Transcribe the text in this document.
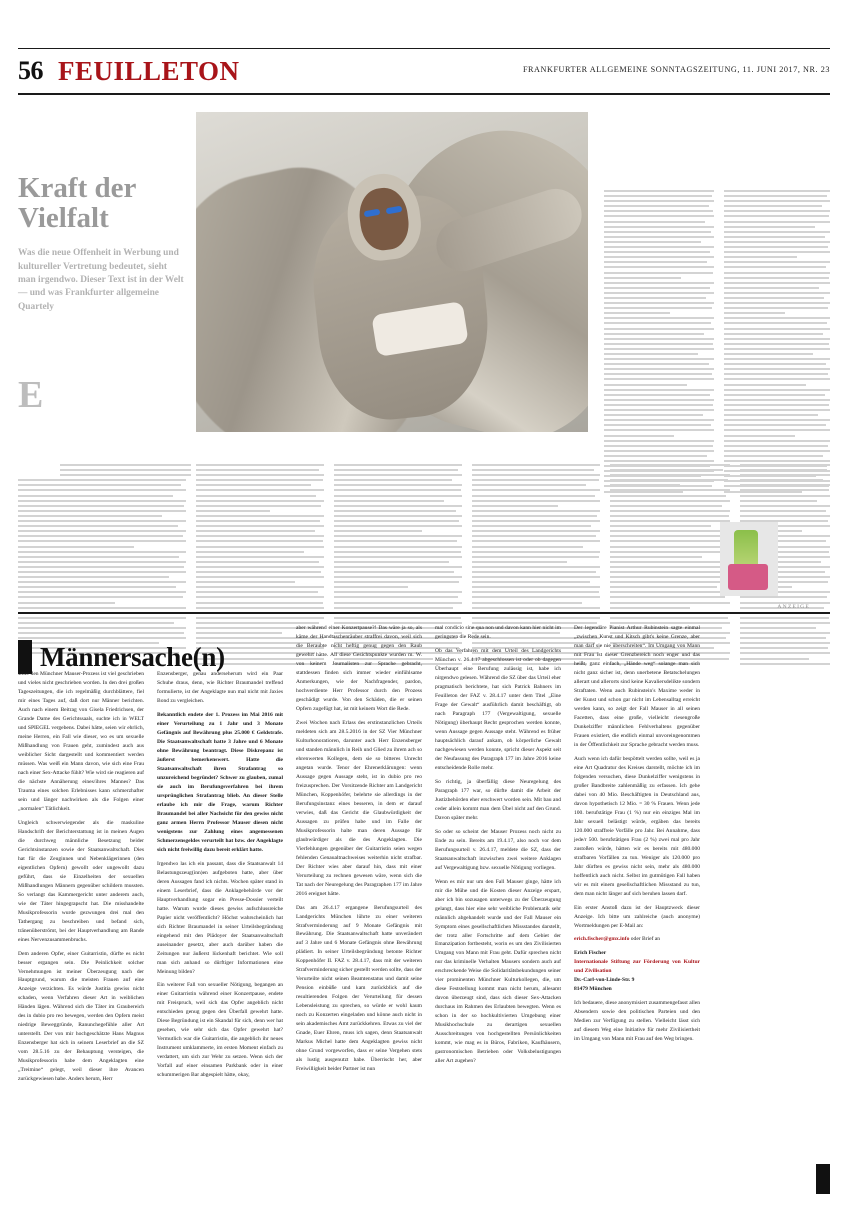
56 FEUILLETON	FRANKFURTER ALLGEMEINE SONNTAGSZEITUNG, 11. JUNI 2017, NR. 23
Kraft der Vielfalt
Was die neue Offenheit in Werbung und kultureller Vertretung bedeutet, sieht man irgendwo. Dieser Text ist in der Welt — und was Frankfurter allgemeine Quartely
E
ANZEIGE
Männersache(n)

Über den Münchner Mauser-Prozess ist viel geschrieben und vieles nicht geschrieben worden. In den drei großen Tageszeitungen, die ich regelmäßig durchblättere, fiel mir eines Tages auf, daß dort nur Männer berichten. Auch nach einem Beitrag von Gisela Friedrichsen, der Grande Dame des Gerichtssaals, suchte ich in WELT und SPIEGEL vergebens. Dabei hätte, seien wir ehrlich, meine Herren, ein Fall wie dieser, wo es um sexuelle Mißhandlung von Frauen geht, zumindest auch aus weiblicher Sicht dargestellt und kommentiert werden müssen. Was weiß ein Mann davon, wie sich eine Frau nach einer Sex-Attacke fühlt? Wie wird sie reagieren auf die nächste Annäherung eines/ihres Mannes? Das Trauma eines solchen Erlebnisses kann schmerzhafter sein und länger nachwirken als die Folgen einer „normalen“ Tätlichkeit.

Ungleich schwerwiegender als die maskuline Handschrift der Berichterstattung ist in meinen Augen die durchweg männliche Besetzung beider Gerichtsinstanzen sowie der Staatsanwaltschaft. Dies hat für die Zeuginnen und Nebenklägerinnen (den eigentlichen Opfern) gewollt oder ungewollt dazu geführt, dass sie Einzelheiten der sexuellen Mißhandlungen Männern gegenüber schildern mussten. So verlangt das Kammergericht unter anderem auch, wie der Täter hingegrapscht hat. Die misshandelte Musikprofessorin wurde gezwungen drei mal den Tathergang zu beschreiben und befand sich, tränenüberströmt, bei der Hauptverhandlung am Rande eines Nervenzusammenbruchs.

Dem anderen Opfer, einer Guitarristin, dürfte es nicht besser ergangen sein. Die Peinlichkeit solcher Vernehmungen ist meiner Überzeugung nach der Hauptgrund, warum die meisten Frauen auf eine Anzeige verzichten. Es würde Justitia gewiss nicht schaden, wenn Verfahren dieser Art in weiblichen Händen lägen. Während sich die Täter im Graubereich des in dubio pro reo bewegen, werden den Opfern meist niedrige Beweggründe, Ranunchegefühle aller Art unterstellt. Der von mir hochgeschätzte Hans Magnus Enzensberger hat sich in seinem Leserbrief an die SZ vom 28.5.16 zu der Behauptung versteigen, die Musikprofessorin habe dem Angeklagten eine „Treimine“ gelegt, weil dieser ihre Avancen zurückgewiesen habe. Anders herum, Herr

Enzensberger, genau anderseherum wird ein Paar Schuhe draus, denn, wie Richter Braumandel treffend formulierte, ist der Angeklagte nun mal nicht mit Jaxies Bond zu vergleichen.

Bekanntlich endete der 1. Prozess im Mai 2016 mit einer Verurteilung zu 1 Jahr und 3 Monate Gefängnis auf Bewährung plus 25.000 € Geldstrafe. Die Staatsanwaltschaft hatte 3 Jahre und 6 Monate ohne Bewährung beantragt. Diese Diskrepanz ist äußerst bemerkenswert. Hatte die Staatsanwaltschaft ihren Strafantrag so unzureichend begründet? Schwer zu glauben, zumal sie auch im Berufungsverfahren bei ihrem ursprünglichen Strafantrag blieb. An dieser Stelle erlaube ich mir die Frage, warum Richter Braumandel bei aller Nachsicht für den gewiss nicht ganz armen Herrn Professor Mauser diesen nicht wenigstens zur Zahlung eines angemessenen Schmerzensgeldes verurteilt hat bzw. der Angeklagte sich nicht freiwillig dazu bereit erklärt hatte.

Irgendwo las ich ein passant, dass die Staatsanwalt 14 Belastungszeug(inn)en aufgeboten hatte, aber über deren Aussagen fand ich nichts. Wochen später stand in einem Leserbrief, dass die Anklagebehörde vor der Hauptverhandlung sogar ein Presse-Dossier verteilt hatte. Warum wurde dieses gewiss aufschlussreiche Papier nicht veröffentlicht? Höchst wahrscheinlich hat sich Richter Braumandel in seiner Urteilsbegründung eingehend mit den Plädoyer der Staatsanwaltschaft auseinander gesetzt, aber auch darüber haben die Zeitungen nur äußerst lückenhaft berichtet. Wie soll man sich anhand so dürftiger Informationen eine Meinung bilden?

Ein weiterer Fall von sexueller Nötigung, begangen an einer Guitarristin während einer Konzertpause, endete mit Freispruch, weil sich das Opfer angeblich nicht entschieden genug gegen den Überfall gewehrt hatte. Diese Begründung ist ein Skandal für sich, denn wer hat gesehen, wie sehr sich das Opfer gewehrt hat? Vermutlich war die Guitarristin, die angeblich ihr neues Instrument umklammerte, im ersten Moment einfach zu verdattert, um sich zur Wehr zu setzen. Wenn sich der Vorfall auf einer einsamen Parkbank oder in einer schummerigen Bar abgespielt hätte, okay,

aber während einer Konzertpause?! Das wäre ja so, als käme der Handtaschenräuber straffrei davon, weil sich die Beraubte nicht heftig genug gegen den Raub gewehrt hätte. All diese Gesichtspunkte wurden m. W. von keinem Journalisten zur Sprache gebracht, stattdessen finden sich immer wieder einfühlsame Anmerkungen, wie der Nachfragender, pardon, hochverdiente Herr Professor durch den Prozess geschädigt wurde. Von den Schäden, die er seinen Opfern zugefügt hat, ist mit keinem Wort die Rede.

Zwei Wochen nach Erlass des erstinstanzlichen Urteils meldeten sich am 28.5.2016 in der SZ Vier Münchner Kulturhonoratioren, darunter auch Herr Enzensberger und standen männlich in Reih und Glied zu ihrem ach so ehrenwerten Kollegen, dem sie so bitteres Unrecht angetan wurde. Tenor der Ehrenerklärungen: wenn Aussage gegen Aussage steht, ist in dubio pro reo freizusprechen. Der Vorsitzende Richter am Landgericht München, Koppenhöfer, belehrte sie allerdings in der Berufungsinstanz eines besseren, in dem er darauf verwies, daß das Gericht die Glaubwürdigkeit der Aussagen zu prüfen habe und im Falle der Musikprofessorin halte man deren Aussage für glaubwürdiger als die des Angeklagten. Die Vierfehlungen gegenüber der Guitarristin seien wegen fehlenden Genaualtnachweises weiterhin nicht strafbar. Der Richter wies aber darauf hin, dass mit einer Verurteilung zu rechnen gewesen wäre, wenn sich die Tat nach der Neuregelung des Paragraphen 177 im Jahre 2016 ereignet hätte.

Das am 26.4.17 ergangene Berufungsurteil des Landgerichts München lührte zu einer weiteren Strafverminderung auf 9 Monate Gefängnis mit Bewährung. Die Staatsanwaltschaft hatte unverändert auf 3 Jahre und 6 Monate Gefängnis ohne Bewährung plädiert. In seiner Urteilsbegründung betonte Richter Koppenhöfer II. FAZ v. 28.4.17, dass mit der weiteren Strafverminderung sicher gestellt werden sollte, dass der Verurteilte nicht seinen Beamtenstatus und damit seine Pension einbüße und kam zurückblick auf die resultierenden Folgen der Verurteilung für dessen Lebensleistung zu sprechen, so würde er wohl kaum noch zu Konzerten eingeladen und könne auch nicht in sein akademisches Amt zurückkehren. Etwas zu viel der Gnade, Euer Ehren, muss ich sagen, denn Staatsanwalt Markus Michel hatte dem Angeklagten gewiss nicht ohne Grund vorgeworfen, dass er seine Vergehen stets als lustig ausgenutzt habe. Überrischt her, aber Freiwilligkeit beider Partner ist nun

mal condicio sine qua non und davon kann hier nicht im geringsten die Rede sein.

Ob das Verfahren mit dem Urteil des Landgerichts München v. 26.4.17 abgeschlossen ist oder ob dagegen Überhaupt eine Berufung zulässig ist, habe ich nirgendwo gelesen. Während die SZ über das Urteil eher pragmatisch berichtete, hat sich Patrick Bahners im Feuilleton der FAZ v. 28.4.17 unter dem Titel „Eine Frage der Gewalt“ ausführlich damit beschäftigt, ob nach Paragraph 177 (Vergewaltigung, sexuelle Nötigung) überhaupt Recht gesprochen werden konnte, wenn Aussage gegen Aussage steht. Während es früher hauptsächlich darauf ankam, ob körperliche Gewalt nachgewiesen werden konnte, spricht dieser Aspekt seit der Neufassung des Paragraph 177 im Jahre 2016 keine entscheidende Rolle mehr.

So richtig, ja überfällig diese Neuregelung des Paragraph 177 war, so dürfte damit die Arbeit der Justizbehörden eher erschwert worden sein. Mit bau and ceder allein kommt man dem Übel nicht auf den Grund. Davon später mehr.

So oder so scheint der Mauser Prozess noch nicht zu Ende zu sein. Bereits am 19.4.17, also noch vor dem Berufungsurteil v. 26.4.17, meldete die SZ, dass der Staatsanwaltschaft inzwischen zwei weitere Anklagen auf Vergewaltigung bzw. sexuelle Nötigung vorliegen.

Wenn es mir nur um den Fall Mauser ginge, hätte ich mir die Mühe und die Kosten dieser Anzeige erspart, aber ich bin sozusagen unterwegs zu der Überzeugung gelangt, dass hier eine sehr weibliche Problematik sehr männlich abgehandelt wurde und der Fall Mauser ein Symptom eines gesellschaftlichen Missstandes darstellt, der trotz aller Fortschritte auf dem Gebiet der Emanzipation fortbesteht, worin es um den Zivilisierten Umgang von Mann mit Frau geht. Dafür sprechen nicht nur das kriminelle Verhalten Mausers sondern auch auf erschreckende Weise die Solidaritätsbekundungen seiner vier prominenten Münchner Kulturkollegen, die, um diese Feststellung kommt man nicht herum, allesamt davon überzeugt sind, dass sich dieser Sex-Attacken durchaus im Rahmen des Erlaubten bewegten. Wenn es schon in der so hochkultivierten Umgebung einer Musikhochschule zu derartigen sexuellen Ausschreitungen von hochgestellten Persönlichkeiten kommt, wie mag es in Büros, Fabriken, Kaufhäusern, gastronomischen Betrieben oder Volksbelustigungen aller Art zugehen?

Der legendäre Pianist Arthur Rubinstein sagte einmal „zwischen Kunst und Kitsch gibt's keine Grenze, aber man darf sie nie überschreiten“. Im Umgang von Mann mit Frau ist dieser Grenzbereich noch enger und das heißt, ganz einfach, „Hände weg“ solange man sich nicht ganz sicher ist, denn unerbetene Betatschelungen allerart und allerorts sind keine Kavaliersdelikte sondern Straftaten. Wenn auch Rubinstein's Maxime weder in der Kunst und schon gar nicht im Lebensalltag erreicht werden kann, so zeigt der Fall Mauser in all seinen Facetten, dass eine große, vielleicht riesengroße Dunkelziffer männlichen Fehlverhaltens gegenüber Frauen existiert, die endlich einmal unvoreingenommen in der Öffentlichkeit zur Sprache gebracht werden muss.

Auch wenn ich dafür bespöttelt werden sollte, weil es ja eine Art Quadratur des Kreises darstellt, möchte ich im folgenden versuchen, diese Dunkelziffer wenigstens in großer Bandbreite zahlenmäßig zu erfassen. Ich gehe dabei von 40 Mio. Beschäftigten in Deutschland aus, davon hypothetisch 12 Mio. = 30 % Frauen. Wenn jede 100. berufstätige Frau (1 %) nur ein einziges Mal im Jahr sexuell belästigt würde, ergäben das bereits 120.000 straffreie Vorfälle pro Jahr. Bei Annahme, dass jede/r 500. berufstätigen Frau (2 %) zwei mal pro Jahr zustoßen würde, hätten wir es bereits mit 480.000 strafbaren Vorfällen zu tun. Weniger als 120.000 pro Jahr dürften es gewiss nicht sein, mehr als 480.000 hoffentlich auch nicht. Selbst im gutmütigen Fall haben wir es mit einem gesellschaftlichen Missstand zu tun, dem man nicht länger auf sich beruhen lassen darf.

Ein erster Anstoß dazu ist der Hauptzweck dieser Anzeige. Ich bitte um zahlreiche (auch anonyme) Wortmeldungen per E-Mail an:

erich.fischer@gmx.info oder Brief an

Erich Fischer
Internationale Stiftung zur Förderung von Kultur und Zivilisation
Dr.-Carl-von-Linde-Str. 9
81479 München

Ich bedauere, diese anonymisiert zusammengefasst allen Absendern sowie den politischen Parteien und den Medien zur Verfügung zu stellen. Vielleicht lässt sich auf diesem Weg eine Initiative für mehr Zivilisiertheit im Umgang von Mann mit Frau auf den Weg bringen.
